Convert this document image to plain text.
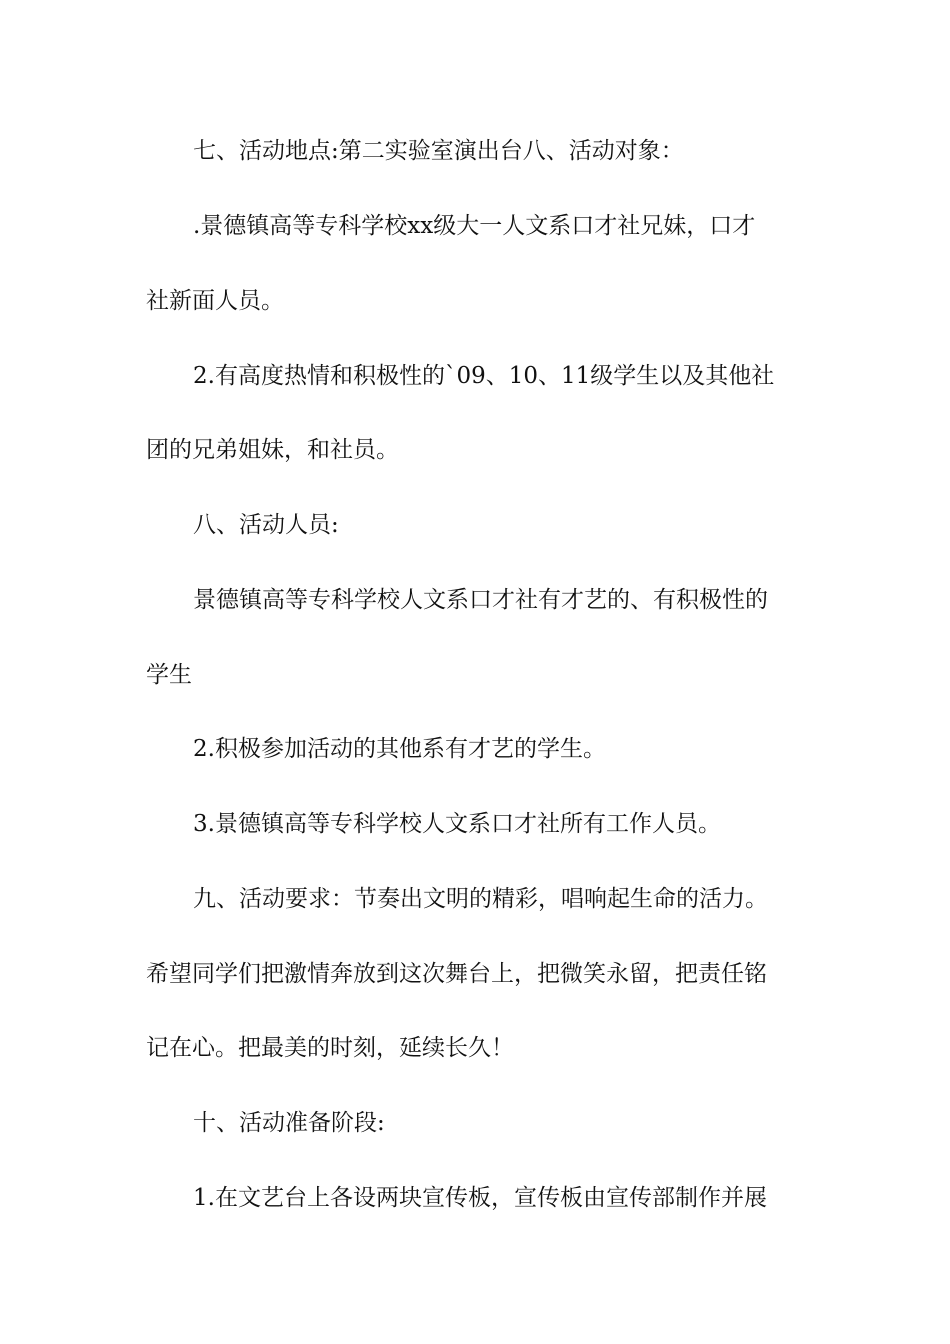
七、活动地点:第二实验室演出台八、活动对象：
.景德镇高等专科学校xx级大一人文系口才社兄妹，口才
社新面人员。
2.有高度热情和积极性的`09、10、11级学生以及其他社
团的兄弟姐妹，和社员。
八、活动人员:
景德镇高等专科学校人文系口才社有才艺的、有积极性的
学生
2.积极参加活动的其他系有才艺的学生。
3.景德镇高等专科学校人文系口才社所有工作人员。
九、活动要求：节奏出文明的精彩，唱响起生命的活力。
希望同学们把激情奔放到这次舞台上，把微笑永留，把责任铭
记在心。把最美的时刻，延续长久！
十、活动准备阶段:
1.在文艺台上各设两块宣传板，宣传板由宣传部制作并展
